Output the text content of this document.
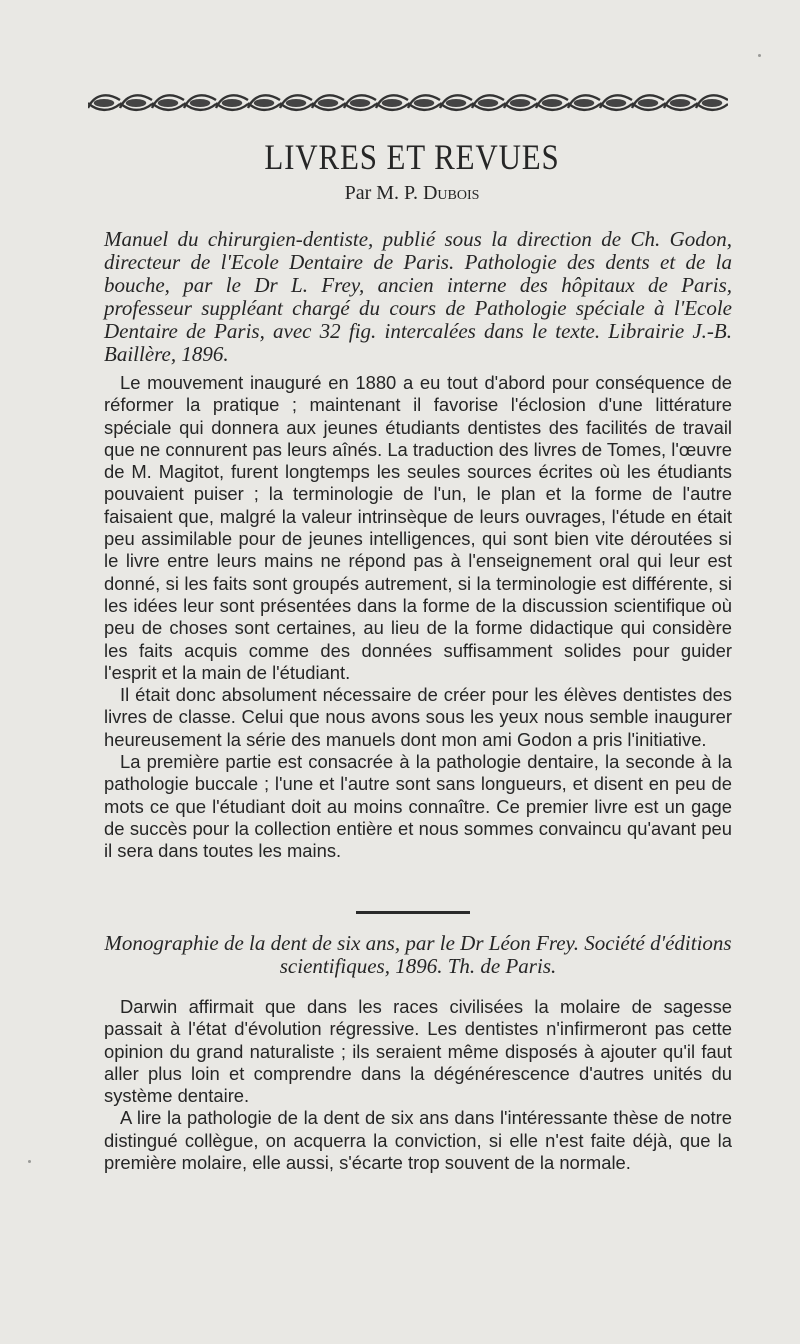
LIVRES ET REVUES

Par M. P. Dubois

Manuel du chirurgien-dentiste, publié sous la direction de Ch. Godon, directeur de l'Ecole Dentaire de Paris. Pathologie des dents et de la bouche, par le Dr L. Frey, ancien interne des hôpitaux de Paris, professeur suppléant chargé du cours de Pathologie spéciale à l'Ecole Dentaire de Paris, avec 32 fig. intercalées dans le texte. Librairie J.-B. Baillère, 1896.

Le mouvement inauguré en 1880 a eu tout d'abord pour conséquence de réformer la pratique ; maintenant il favorise l'éclosion d'une littérature spéciale qui donnera aux jeunes étudiants dentistes des facilités de travail que ne connurent pas leurs aînés. La traduction des livres de Tomes, l'œuvre de M. Magitot, furent longtemps les seules sources écrites où les étudiants pouvaient puiser ; la terminologie de l'un, le plan et la forme de l'autre faisaient que, malgré la valeur intrinsèque de leurs ouvrages, l'étude en était peu assimilable pour de jeunes intelligences, qui sont bien vite déroutées si le livre entre leurs mains ne répond pas à l'enseignement oral qui leur est donné, si les faits sont groupés autrement, si la terminologie est différente, si les idées leur sont présentées dans la forme de la discussion scientifique où peu de choses sont certaines, au lieu de la forme didactique qui considère les faits acquis comme des données suffisamment solides pour guider l'esprit et la main de l'étudiant.

Il était donc absolument nécessaire de créer pour les élèves dentistes des livres de classe. Celui que nous avons sous les yeux nous semble inaugurer heureusement la série des manuels dont mon ami Godon a pris l'initiative.

La première partie est consacrée à la pathologie dentaire, la seconde à la pathologie buccale ; l'une et l'autre sont sans longueurs, et disent en peu de mots ce que l'étudiant doit au moins connaître. Ce premier livre est un gage de succès pour la collection entière et nous sommes convaincu qu'avant peu il sera dans toutes les mains.

Monographie de la dent de six ans, par le Dr Léon Frey. Société d'éditions scientifiques, 1896. Th. de Paris.

Darwin affirmait que dans les races civilisées la molaire de sagesse passait à l'état d'évolution régressive. Les dentistes n'infirmeront pas cette opinion du grand naturaliste ; ils seraient même disposés à ajouter qu'il faut aller plus loin et comprendre dans la dégénérescence d'autres unités du système dentaire.

A lire la pathologie de la dent de six ans dans l'intéressante thèse de notre distingué collègue, on acquerra la conviction, si elle n'est faite déjà, que la première molaire, elle aussi, s'écarte trop souvent de la normale.
